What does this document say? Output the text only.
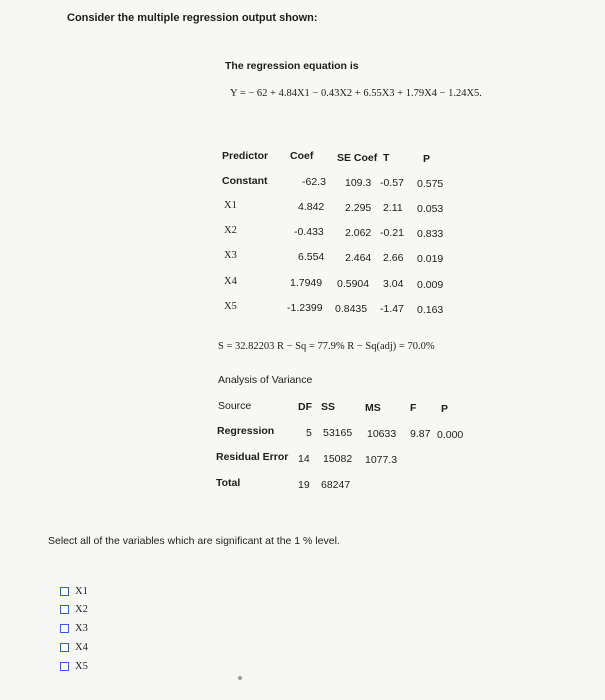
Consider the multiple regression output shown:
The regression equation is
Y = − 62 + 4.84X1 − 0.43X2 + 6.55X3 + 1.79X4 − 1.24X5.
Predictor Coef SE Coef T	P
Constant	-62.3 109.3 -0.57 0.575
X1	4.842 2.295 2.11 0.053
X2	-0.433 2.062 -0.21 0.833
X3	6.554 2.464 2.66 0.019
X4	1.7949 0.5904 3.04 0.009
X5	-1.2399 0.8435 -1.47 0.163
S = 32.82203 R − Sq = 77.9% R − Sq(adj) = 70.0%
Analysis of Variance
Source	DF SS	MS	F P
Regression	5 53165 10633 9.87 0.000
Residual Error 14 15082 1077.3
Total	19 68247
Select all of the variables which are significant at the 1 % level.
X1
X2
X3
X4
X5
